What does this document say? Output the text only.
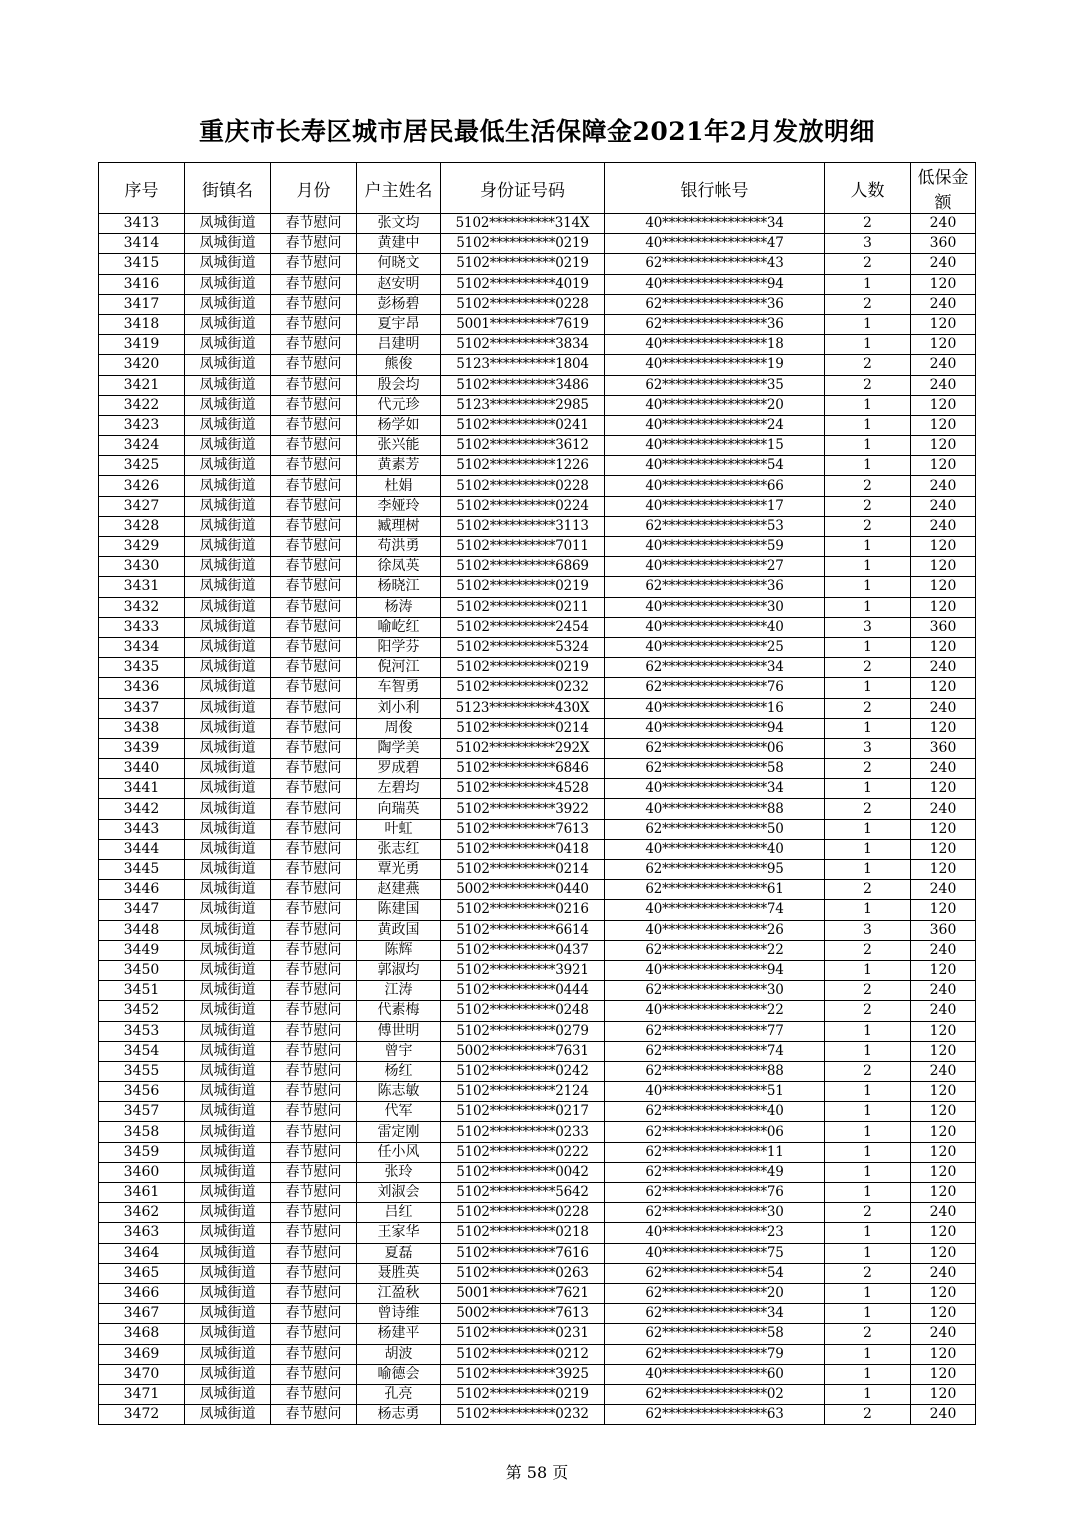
重庆市长寿区城市居民最低生活保障金2021年2月发放明细
序号	街镇名	月份	户主姓名	身份证号码	银行帐号	人数	低保金额
3413	凤城街道	春节慰问	张文均	5102**********314X	40****************34	2	240
3414	凤城街道	春节慰问	黄建中	5102**********0219	40****************47	3	360
3415	凤城街道	春节慰问	何晓文	5102**********0219	62****************43	2	240
3416	凤城街道	春节慰问	赵安明	5102**********4019	40****************94	1	120
3417	凤城街道	春节慰问	彭杨碧	5102**********0228	62****************36	2	240
3418	凤城街道	春节慰问	夏宇昂	5001**********7619	62****************36	1	120
3419	凤城街道	春节慰问	吕建明	5102**********3834	40****************18	1	120
3420	凤城街道	春节慰问	熊俊	5123**********1804	40****************19	2	240
3421	凤城街道	春节慰问	殷会均	5102**********3486	62****************35	2	240
3422	凤城街道	春节慰问	代元珍	5123**********2985	40****************20	1	120
3423	凤城街道	春节慰问	杨学如	5102**********0241	40****************24	1	120
3424	凤城街道	春节慰问	张兴能	5102**********3612	40****************15	1	120
3425	凤城街道	春节慰问	黄素芳	5102**********1226	40****************54	1	120
3426	凤城街道	春节慰问	杜娟	5102**********0228	40****************66	2	240
3427	凤城街道	春节慰问	李娅玲	5102**********0224	40****************17	2	240
3428	凤城街道	春节慰问	臧理树	5102**********3113	62****************53	2	240
3429	凤城街道	春节慰问	苟洪勇	5102**********7011	40****************59	1	120
3430	凤城街道	春节慰问	徐凤英	5102**********6869	40****************27	1	120
3431	凤城街道	春节慰问	杨晓江	5102**********0219	62****************36	1	120
3432	凤城街道	春节慰问	杨涛	5102**********0211	40****************30	1	120
3433	凤城街道	春节慰问	喻屹红	5102**********2454	40****************40	3	360
3434	凤城街道	春节慰问	阳学芬	5102**********5324	40****************25	1	120
3435	凤城街道	春节慰问	倪河江	5102**********0219	62****************34	2	240
3436	凤城街道	春节慰问	车智勇	5102**********0232	62****************76	1	120
3437	凤城街道	春节慰问	刘小利	5123**********430X	40****************16	2	240
3438	凤城街道	春节慰问	周俊	5102**********0214	40****************94	1	120
3439	凤城街道	春节慰问	陶学美	5102**********292X	62****************06	3	360
3440	凤城街道	春节慰问	罗成碧	5102**********6846	62****************58	2	240
3441	凤城街道	春节慰问	左碧均	5102**********4528	40****************34	1	120
3442	凤城街道	春节慰问	向瑞英	5102**********3922	40****************88	2	240
3443	凤城街道	春节慰问	叶虹	5102**********7613	62****************50	1	120
3444	凤城街道	春节慰问	张志红	5102**********0418	40****************40	1	120
3445	凤城街道	春节慰问	覃光勇	5102**********0214	62****************95	1	120
3446	凤城街道	春节慰问	赵建燕	5002**********0440	62****************61	2	240
3447	凤城街道	春节慰问	陈建国	5102**********0216	40****************74	1	120
3448	凤城街道	春节慰问	黄政国	5102**********6614	40****************26	3	360
3449	凤城街道	春节慰问	陈辉	5102**********0437	62****************22	2	240
3450	凤城街道	春节慰问	郭淑均	5102**********3921	40****************94	1	120
3451	凤城街道	春节慰问	江涛	5102**********0444	62****************30	2	240
3452	凤城街道	春节慰问	代素梅	5102**********0248	40****************22	2	240
3453	凤城街道	春节慰问	傅世明	5102**********0279	62****************77	1	120
3454	凤城街道	春节慰问	曾宇	5002**********7631	62****************74	1	120
3455	凤城街道	春节慰问	杨红	5102**********0242	62****************88	2	240
3456	凤城街道	春节慰问	陈志敏	5102**********2124	40****************51	1	120
3457	凤城街道	春节慰问	代军	5102**********0217	62****************40	1	120
3458	凤城街道	春节慰问	雷定刚	5102**********0233	62****************06	1	120
3459	凤城街道	春节慰问	任小风	5102**********0222	62****************11	1	120
3460	凤城街道	春节慰问	张玲	5102**********0042	62****************49	1	120
3461	凤城街道	春节慰问	刘淑会	5102**********5642	62****************76	1	120
3462	凤城街道	春节慰问	吕红	5102**********0228	62****************30	2	240
3463	凤城街道	春节慰问	王家华	5102**********0218	40****************23	1	120
3464	凤城街道	春节慰问	夏磊	5102**********7616	40****************75	1	120
3465	凤城街道	春节慰问	聂胜英	5102**********0263	62****************54	2	240
3466	凤城街道	春节慰问	江盈秋	5001**********7621	62****************20	1	120
3467	凤城街道	春节慰问	曾诗维	5002**********7613	62****************34	1	120
3468	凤城街道	春节慰问	杨建平	5102**********0231	62****************58	2	240
3469	凤城街道	春节慰问	胡波	5102**********0212	62****************79	1	120
3470	凤城街道	春节慰问	喻德会	5102**********3925	40****************60	1	120
3471	凤城街道	春节慰问	孔亮	5102**********0219	62****************02	1	120
3472	凤城街道	春节慰问	杨志勇	5102**********0232	62****************63	2	240
第 58 页
